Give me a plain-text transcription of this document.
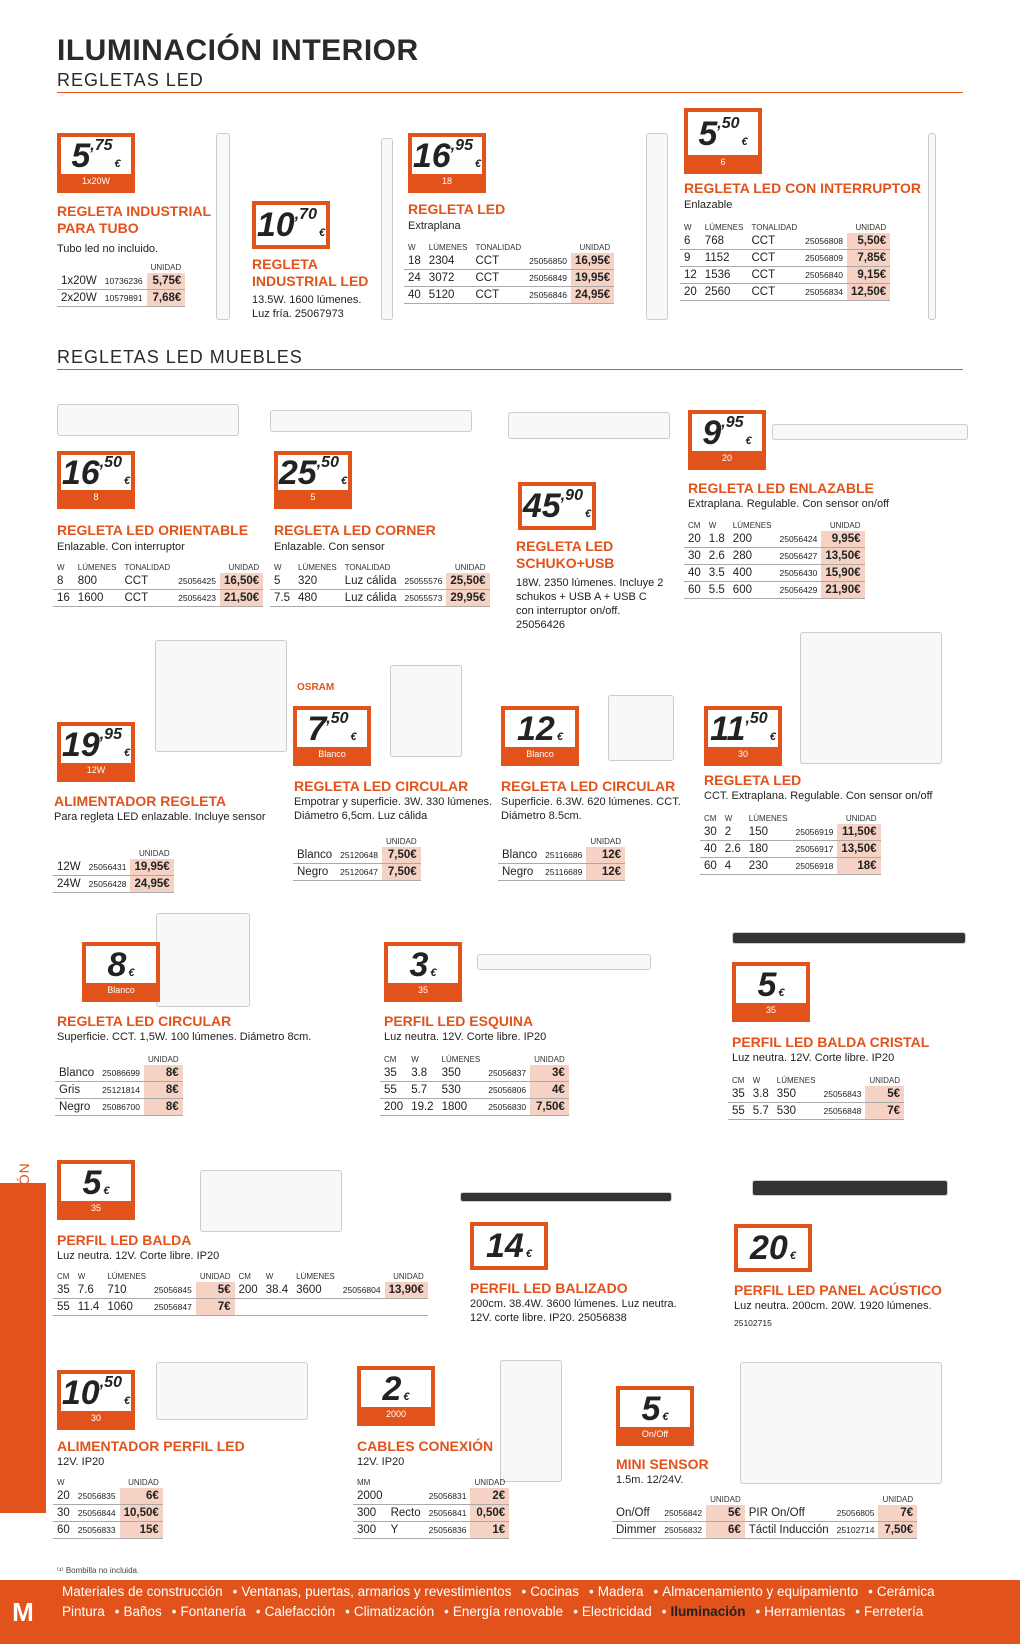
ILUMINACIÓN INTERIOR
REGLETAS LED
REGLETAS LED MUEBLES
5 ,75
€
1x20W
REGLETA INDUSTRIAL PARA TUBO
Tubo led no incluido.
		UNIDAD
1x20W	10736236	5,75€
2x20W	10579891	7,68€
10 ,70
€
REGLETA INDUSTRIAL LED
13.5W. 1600 lúmenes. Luz fría. 25067973
16 ,95
€
18
REGLETA LED
Extraplana
W	LÚMENES	TONALIDAD		UNIDAD
18	2304	CCT	25056850	16,95€
24	3072	CCT	25056849	19,95€
40	5120	CCT	25056846	24,95€
5 ,50
€
6
REGLETA LED CON INTERRUPTOR
Enlazable
W	LÚMENES	TONALIDAD		UNIDAD
6	768	CCT	25056808	5,50€
9	1152	CCT	25056809	7,85€
12	1536	CCT	25056840	9,15€
20	2560	CCT	25056834	12,50€
16 ,50
€
8
REGLETA LED ORIENTABLE
Enlazable. Con interruptor
W	LÚMENES	TONALIDAD		UNIDAD
8	800	CCT	25056425	16,50€
16	1600	CCT	25056423	21,50€
25 ,50
€
5
REGLETA LED CORNER
Enlazable. Con sensor
W	LÚMENES	TONALIDAD		UNIDAD
5	320	Luz cálida	25055576	25,50€
7.5	480	Luz cálida	25055573	29,95€
45 ,90
€
REGLETA LED SCHUKO+USB
18W. 2350 lúmenes. Incluye 2 schukos + USB A + USB C con interruptor on/off. 25056426
9 ,95
€
20
REGLETA LED ENLAZABLE
Extraplana. Regulable. Con sensor on/off
CM	W	LÚMENES		UNIDAD
20	1.8	200	25056424	9,95€
30	2.6	280	25056427	13,50€
40	3.5	400	25056430	15,90€
60	5.5	600	25056429	21,90€
19 ,95
€
12W
ALIMENTADOR REGLETA
Para regleta LED enlazable. Incluye sensor
		UNIDAD
12W	25056431	19,95€
24W	25056428	24,95€
OSRAM
7 ,50
€
Blanco
REGLETA LED CIRCULAR
Empotrar y superficie. 3W. 330 lúmenes. Diámetro 6,5cm. Luz cálida
		UNIDAD
Blanco	25120648	7,50€
Negro	25120647	7,50€
12 €
Blanco
REGLETA LED CIRCULAR
Superficie. 6.3W. 620 lúmenes. CCT. Diámetro 8.5cm.
		UNIDAD
Blanco	25116686	12€
Negro	25116689	12€
11 ,50
€
30
REGLETA LED
CCT. Extraplana. Regulable. Con sensor on/off
CM	W	LÚMENES		UNIDAD
30	2	150	25056919	11,50€
40	2.6	180	25056917	13,50€
60	4	230	25056918	18€
8 €
Blanco
REGLETA LED CIRCULAR
Superficie. CCT. 1,5W. 100 lúmenes. Diámetro 8cm.
		UNIDAD
Blanco	25086699	8€
Gris	25121814	8€
Negro	25086700	8€
3 €
35
PERFIL LED ESQUINA
Luz neutra. 12V. Corte libre. IP20
CM	W	LÚMENES		UNIDAD
35	3.8	350	25056837	3€
55	5.7	530	25056806	4€
200	19.2	1800	25056830	7,50€
5 €
35
PERFIL LED BALDA CRISTAL
Luz neutra. 12V. Corte libre. IP20
CM	W	LÚMENES		UNIDAD
35	3.8	350	25056843	5€
55	5.7	530	25056848	7€
5 €
35
PERFIL LED BALDA
Luz neutra. 12V. Corte libre. IP20
CM	W	LÚMENES		UNIDAD	CM	W	LÚMENES		UNIDAD
35	7.6	710	25056845	5€	200	38.4	3600	25056804	13,90€
55	11.4	1060	25056847	7€					
14 €
PERFIL LED BALIZADO
200cm. 38.4W. 3600 lúmenes. Luz neutra. 12V. corte libre. IP20. 25056838
20 €
PERFIL LED PANEL ACÚSTICO
Luz neutra. 200cm. 20W. 1920 lúmenes.
25102715
10 ,50
€
30
ALIMENTADOR PERFIL LED
12V. IP20
W		UNIDAD
20	25056835	6€
30	25056844	10,50€
60	25056833	15€
2 €
2000
CABLES CONEXIÓN
12V. IP20
MM			UNIDAD
2000		25056831	2€
300	Recto	25056841	0,50€
300	Y	25056836	1€
5 €
On/Off
MINI SENSOR
1.5m. 12/24V.
		UNIDAD			UNIDAD
On/Off	25056842	5€	PIR On/Off	25056805	7€
Dimmer	25056832	6€	Táctil Inducción	25102714	7,50€
ILUMINACIÓN
⁽¹⁾ Bombilla no incluida.
M
Materiales de construcción • Ventanas, puertas, armarios y revestimientos • Cocinas • Madera • Almacenamiento y equipamiento • Cerámica
Pintura • Baños • Fontanería • Calefacción • Climatización • Energía renovable • Electricidad • Iluminación • Herramientas • Ferretería
